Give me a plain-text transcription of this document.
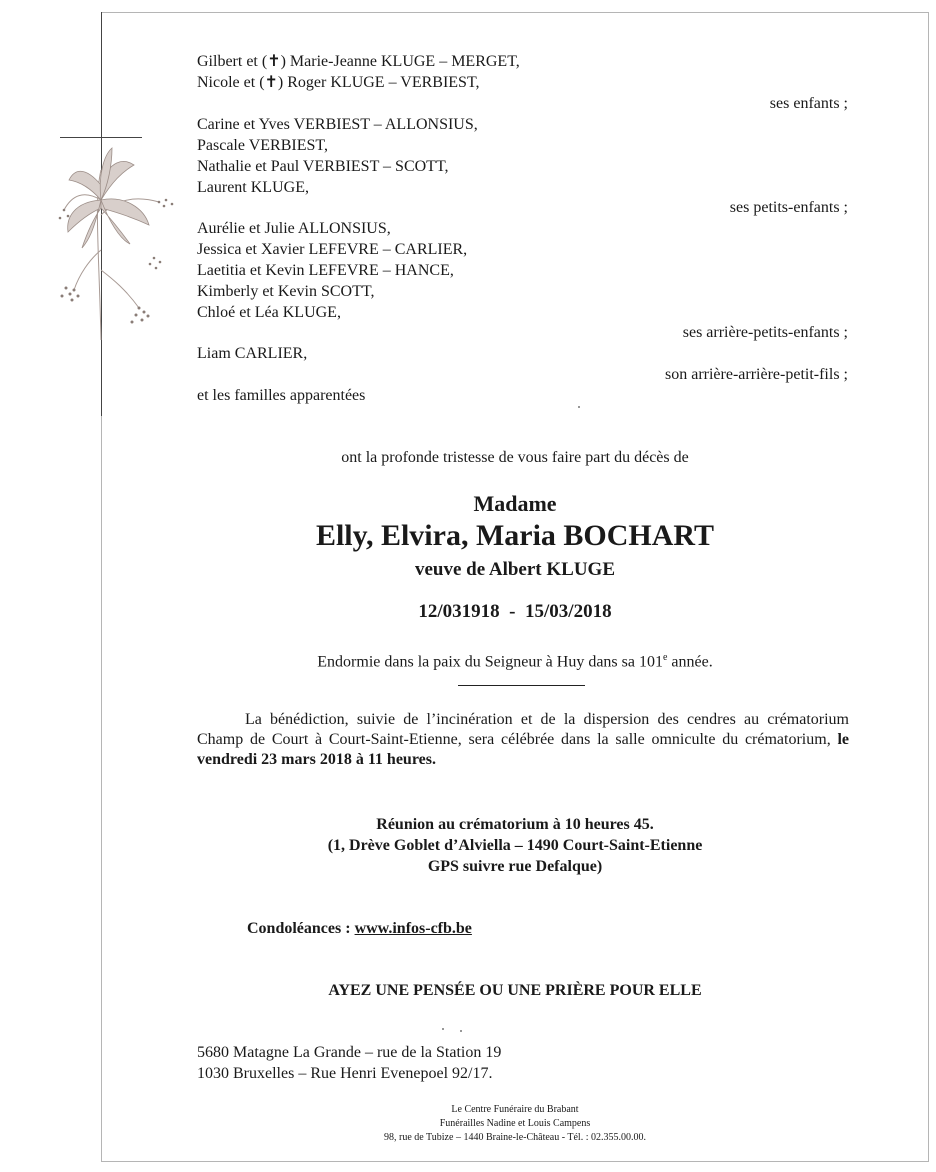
Gilbert et (✝) Marie-Jeanne KLUGE – MERGET,
Nicole et (✝) Roger KLUGE – VERBIEST,
ses enfants ;
Carine et Yves VERBIEST – ALLONSIUS,
Pascale VERBIEST,
Nathalie et Paul VERBIEST – SCOTT,
Laurent KLUGE,
ses petits-enfants ;
Aurélie et Julie ALLONSIUS,
Jessica et Xavier LEFEVRE – CARLIER,
Laetitia et Kevin LEFEVRE – HANCE,
Kimberly et Kevin SCOTT,
Chloé et Léa KLUGE,
ses arrière-petits-enfants ;
Liam CARLIER,
son arrière-arrière-petit-fils ;
et les familles apparentées
ont la profonde tristesse de vous faire part du décès de
Madame
Elly, Elvira, Maria BOCHART
veuve de Albert KLUGE
12/031918  -  15/03/2018
Endormie dans la paix du Seigneur à Huy dans sa 101e année.
La bénédiction, suivie de l’incinération et de la dispersion des cendres au crématorium Champ de Court à Court-Saint-Etienne, sera célébrée dans la salle omniculte du crématorium, le vendredi 23 mars 2018 à 11 heures.
Réunion au crématorium à 10 heures 45.
(1, Drève Goblet d’Alviella – 1490 Court-Saint-Etienne
GPS suivre rue Defalque)
Condoléances : www.infos-cfb.be
AYEZ UNE PENSÉE OU UNE PRIÈRE POUR ELLE
5680 Matagne La Grande – rue de la Station 19
1030 Bruxelles – Rue Henri Evenepoel 92/17.
Le Centre Funéraire du Brabant
Funérailles Nadine et Louis Campens
98, rue de Tubize – 1440 Braine-le-Château - Tél. : 02.355.00.00.
